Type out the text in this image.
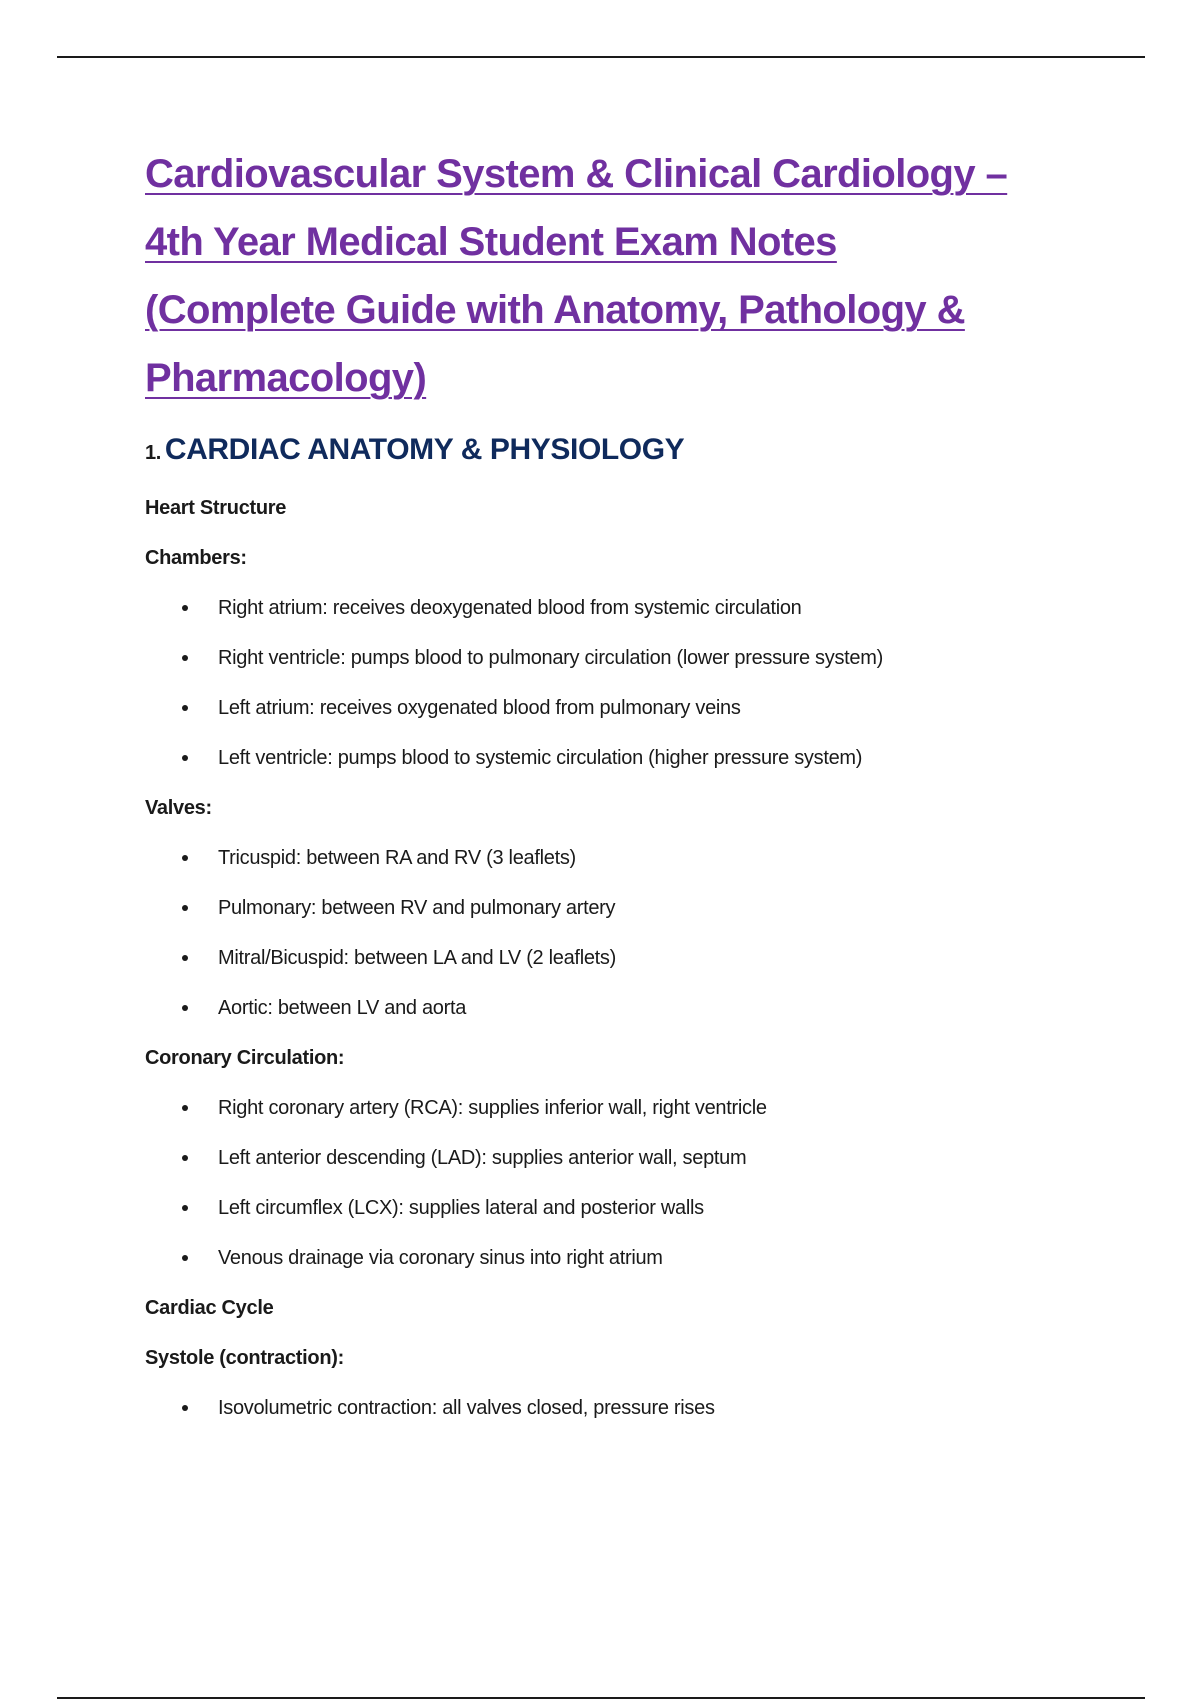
Cardiovascular System & Clinical Cardiology –
4th Year Medical Student Exam Notes
(Complete Guide with Anatomy, Pathology &
Pharmacology)
1. CARDIAC ANATOMY & PHYSIOLOGY

Heart Structure

Chambers:

Right atrium: receives deoxygenated blood from systemic circulation
Right ventricle: pumps blood to pulmonary circulation (lower pressure system)
Left atrium: receives oxygenated blood from pulmonary veins
Left ventricle: pumps blood to systemic circulation (higher pressure system)

Valves:

Tricuspid: between RA and RV (3 leaflets)
Pulmonary: between RV and pulmonary artery
Mitral/Bicuspid: between LA and LV (2 leaflets)
Aortic: between LV and aorta

Coronary Circulation:

Right coronary artery (RCA): supplies inferior wall, right ventricle
Left anterior descending (LAD): supplies anterior wall, septum
Left circumflex (LCX): supplies lateral and posterior walls
Venous drainage via coronary sinus into right atrium

Cardiac Cycle

Systole (contraction):

Isovolumetric contraction: all valves closed, pressure rises
